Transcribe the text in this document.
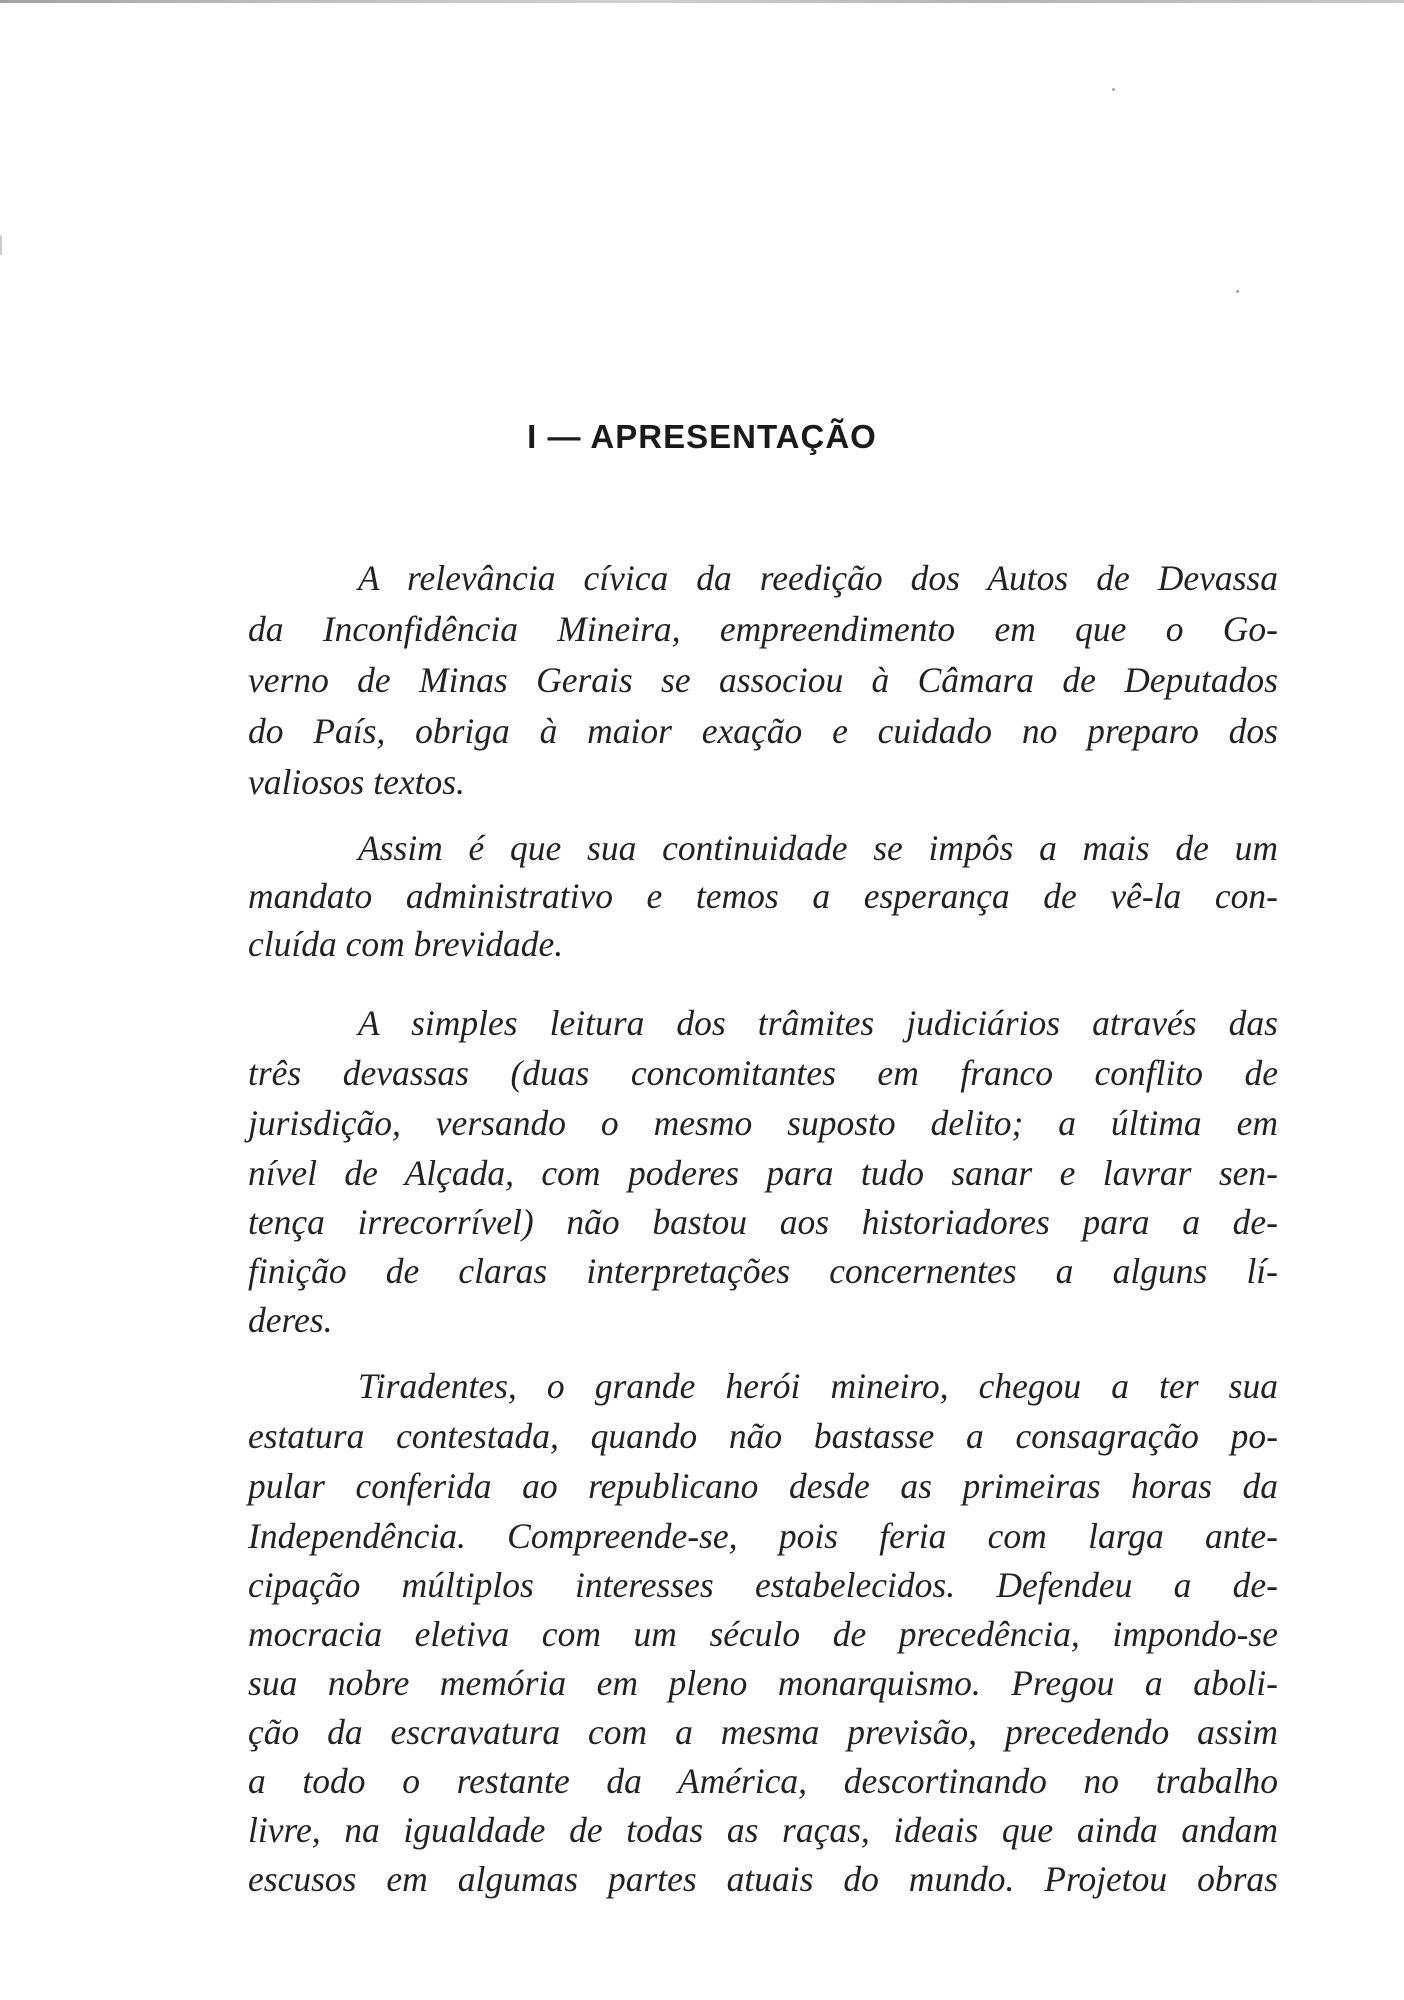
I — APRESENTAÇÃO
A relevância cívica da reedição dos Autos de Devassa
da Inconfidência Mineira, empreendimento em que o Go-
verno de Minas Gerais se associou à Câmara de Deputados
do País, obriga à maior exação e cuidado no preparo dos
valiosos textos.
Assim é que sua continuidade se impôs a mais de um
mandato administrativo e temos a esperança de vê-la con-
cluída com brevidade.
A simples leitura dos trâmites judiciários através das
três devassas (duas concomitantes em franco conflito de
jurisdição, versando o mesmo suposto delito; a última em
nível de Alçada, com poderes para tudo sanar e lavrar sen-
tença irrecorrível) não bastou aos historiadores para a de-
finição de claras interpretações concernentes a alguns lí-
deres.
Tiradentes, o grande herói mineiro, chegou a ter sua
estatura contestada, quando não bastasse a consagração po-
pular conferida ao republicano desde as primeiras horas da
Independência. Compreende-se, pois feria com larga ante-
cipação múltiplos interesses estabelecidos. Defendeu a de-
mocracia eletiva com um século de precedência, impondo-se
sua nobre memória em pleno monarquismo. Pregou a aboli-
ção da escravatura com a mesma previsão, precedendo assim
a todo o restante da América, descortinando no trabalho
livre, na igualdade de todas as raças, ideais que ainda andam
escusos em algumas partes atuais do mundo. Projetou obras
